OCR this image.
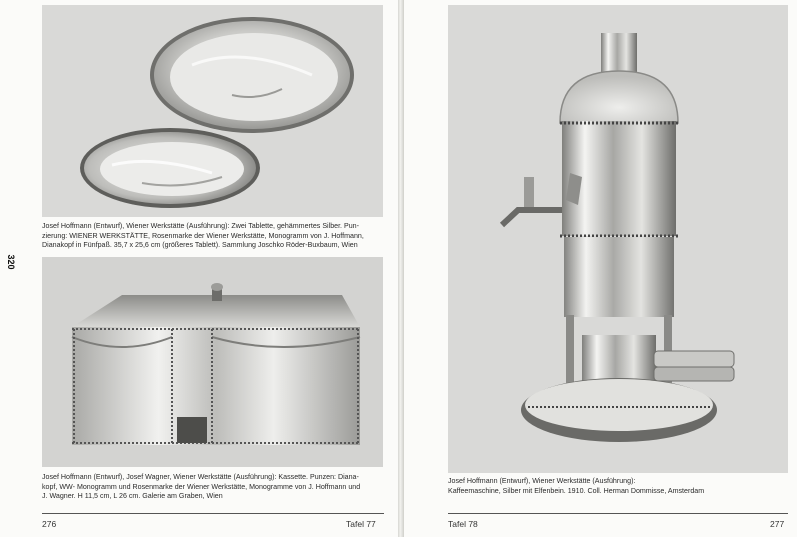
Josef Hoffmann (Entwurf), Wiener Werkstätte (Ausführung): Zwei Tablette, gehämmertes Silber. Pun-

zierung: WIENER WERKSTÄTTE, Rosenmarke der Wiener Werkstätte, Monogramm von J. Hoffmann,

Dianakopf in Fünfpaß. 35,7 x 25,6 cm (größeres Tablett). Sammlung Joschko Röder-Buxbaum, Wien

320

Josef Hoffmann (Entwurf), Josef Wagner, Wiener Werkstätte (Ausführung): Kassette. Punzen: Diana-

kopf, WW- Monogramm und Rosenmarke der Wiener Werkstätte, Monogramme von J. Hoffmann und

J. Wagner. H 11,5 cm, L 26 cm. Galerie am Graben, Wien

276	Tafel 77

Josef Hoffmann (Entwurf), Wiener Werkstätte (Ausführung):

Kaffeemaschine, Silber mit Elfenbein. 1910. Coll. Herman Dommisse, Amsterdam

Tafel 78	277
